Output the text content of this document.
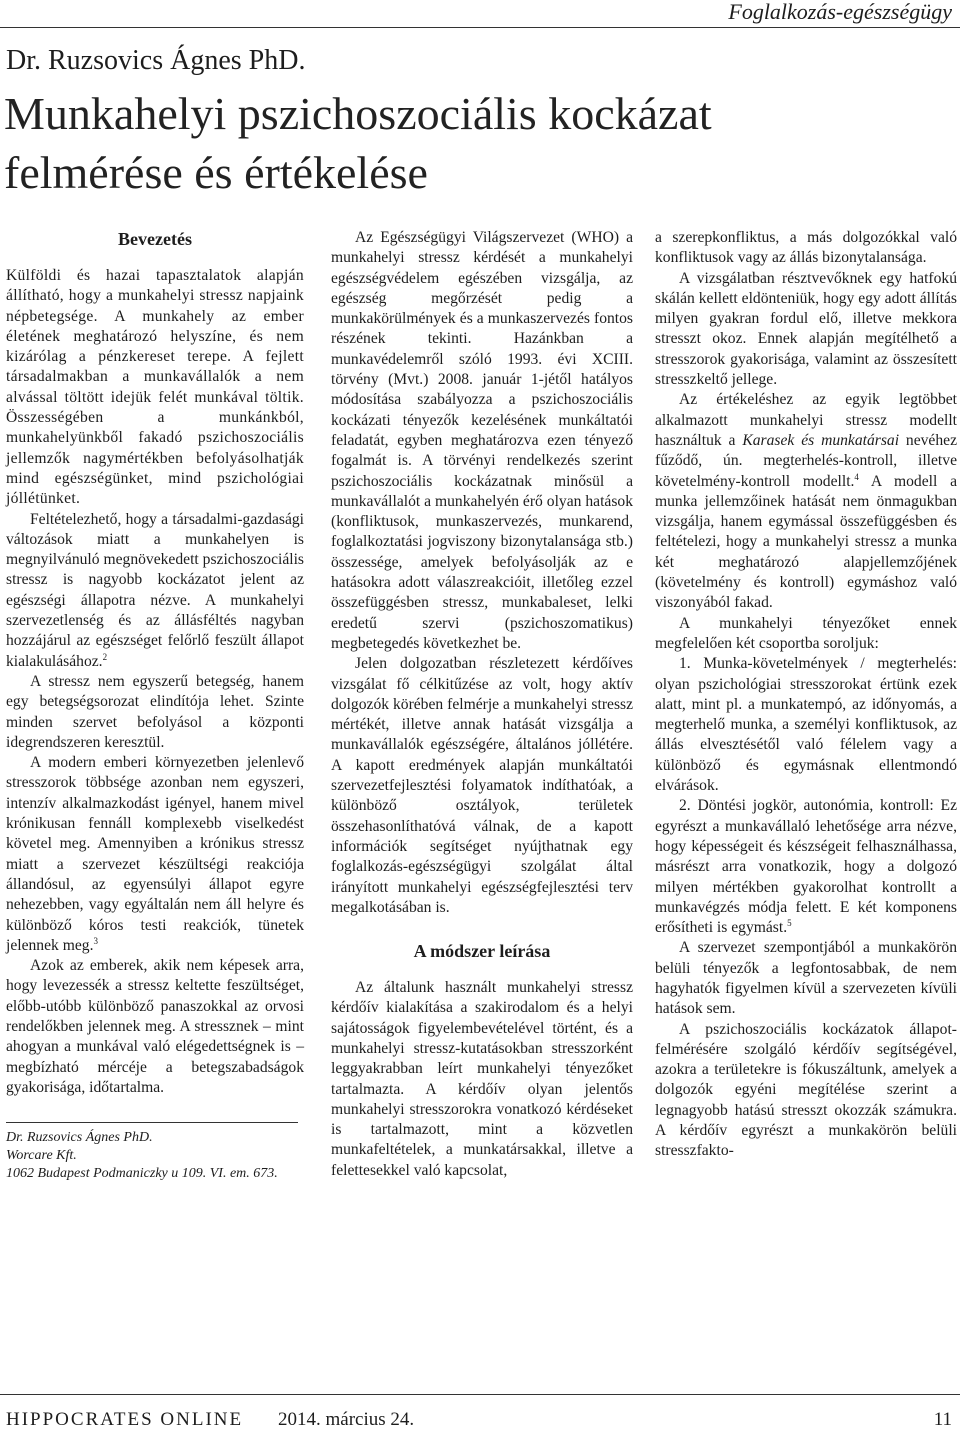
Foglalkozás-egészségügy
Dr. Ruzsovics Ágnes PhD.
Munkahelyi pszichoszociális kockázat
felmérése és értékelése
Bevezetés

Külföldi és hazai tapasztalatok alapján állítható, hogy a munkahelyi stressz napjaink népbetegsége. A munkahely az ember életének meghatározó helyszíne, és nem kizárólag a pénzkereset terepe. A fejlett társadalmakban a munkavállalók a nem alvással töltött idejük felét munkával töltik. Összességében a munkánkból, munkahelyünkből fakadó pszichoszociális jellemzők nagymértékben befolyásolhatják mind egészségünket, mind pszichológiai jóllétünket.

Feltételezhető, hogy a társadalmi-gazdasági változások miatt a munkahelyen is megnyilvánuló megnövekedett pszichoszociális stressz is nagyobb kockázatot jelent az egészségi állapotra nézve. A munkahelyi szervezetlenség és az állásféltés nagyban hozzájárul az egészséget felőrlő feszült állapot kialakulásához.$^2$

A stressz nem egyszerű betegség, hanem egy betegségsorozat elindítója lehet. Szinte minden szervet befolyásol a központi idegrendszeren keresztül.

A modern emberi környezetben jelenlevő stresszorok többsége azonban nem egyszeri, intenzív alkalmazkodást igényel, hanem mivel krónikusan fennáll komplexebb viselkedést követel meg. Amennyiben a krónikus stressz miatt a szervezet készültségi reakciója állandósul, az egyensúlyi állapot egyre nehezebben, vagy egyáltalán nem áll helyre és különböző kóros testi reakciók, tünetek jelennek meg.$^3$

Azok az emberek, akik nem képesek arra, hogy levezessék a stressz keltette feszültséget, előbb-utóbb különböző panaszokkal az orvosi rendelőkben jelennek meg. A stressznek – mint ahogyan a munkával való elégedettségnek is – megbízható mércéje a betegszabadságok gyakorisága, időtartalma.

Dr. Ruzsovics Ágnes PhD.

Worcare Kft.

1062 Budapest Podmaniczky u 109. VI. em. 673.

Az Egészségügyi Világszervezet (WHO) a munkahelyi stressz kérdését a munkahelyi egészségvédelem egészében vizsgálja, az egészség megőrzését pedig a munkakörülmények és a munkaszervezés fontos részének tekinti. Hazánkban a munkavédelemről szóló 1993. évi XCIII. törvény (Mvt.) 2008. január 1-jétől hatályos módosítása szabályozza a pszichoszociális kockázati tényezők kezelésének munkáltatói feladatát, egyben meghatározva ezen tényező fogalmát is. A törvényi rendelkezés szerint pszichoszociális kockázatnak minősül a munkavállalót a munkahelyén érő olyan hatások (konfliktusok, munkaszervezés, munkarend, foglalkoztatási jogviszony bizonytalansága stb.) összessége, amelyek befolyásolják az e hatásokra adott válaszreakcióit, illetőleg ezzel összefüggésben stressz, munkabaleset, lelki eredetű szervi (pszichoszomatikus) megbetegedés következhet be.

Jelen dolgozatban részletezett kérdőíves vizsgálat fő célkitűzése az volt, hogy aktív dolgozók körében felmérje a munkahelyi stressz mértékét, illetve annak hatását vizsgálja a munkavállalók egészségére, általános jóllétére. A kapott eredmények alapján munkáltatói szervezetfejlesztési folyamatok indíthatóak, a különböző osztályok, területek összehasonlíthatóvá válnak, de a kapott információk segítséget nyújthatnak egy foglalkozás-egészségügyi szolgálat által irányított munkahelyi egészségfejlesztési terv megalkotásában is.

A módszer leírása

Az általunk használt munkahelyi stressz kérdőív kialakítása a szakirodalom és a helyi sajátosságok figyelembevételével történt, és a munkahelyi stressz-kutatásokban stresszorként leggyakrabban leírt munkahelyi tényezőket tartalmazta. A kérdőív olyan jelentős munkahelyi stresszorokra vonatkozó kérdéseket is tartalmazott, mint a közvetlen munkafeltételek, a munkatársakkal, illetve a felettesekkel való kapcsolat,

a szerepkonfliktus, a más dolgozókkal való konfliktusok vagy az állás bizonytalansága.

A vizsgálatban résztvevőknek egy hatfokú skálán kellett eldönteniük, hogy egy adott állítás milyen gyakran fordul elő, illetve mekkora stresszt okoz. Ennek alapján megítélhető a stresszorok gyakorisága, valamint az összesített stresszkeltő jellege.

Az értékeléshez az egyik legtöbbet alkalmazott munkahelyi stressz modellt használtuk a Karasek és munkatársai nevéhez fűződő, ún. megterhelés-kontroll, illetve követelmény-kontroll modellt.$^4$ A modell a munka jellemzőinek hatását nem önmagukban vizsgálja, hanem egymással összefüggésben és feltételezi, hogy a munkahelyi stressz a munka két meghatározó alapjellemzőjének (követelmény és kontroll) egymáshoz való viszonyából fakad.

A munkahelyi tényezőket ennek megfelelően két csoportba soroljuk:

1. Munka-követelmények / megterhelés: olyan pszichológiai stresszorokat értünk ezek alatt, mint pl. a munkatempó, az időnyomás, a megterhelő munka, a személyi konfliktusok, az állás elvesztésétől való félelem vagy a különböző és egymásnak ellentmondó elvárások.

2. Döntési jogkör, autonómia, kontroll: Ez egyrészt a munkavállaló lehetősége arra nézve, hogy képességeit és készségeit felhasználhassa, másrészt arra vonatkozik, hogy a dolgozó milyen mértékben gyakorolhat kontrollt a munkavégzés módja felett. E két komponens erősítheti is egymást.$^5$

A szervezet szempontjából a munkakörön belüli tényezők a legfontosabbak, de nem hagyhatók figyelmen kívül a szervezeten kívüli hatások sem.

A pszichoszociális kockázatok állapot-felmérésére szolgáló kérdőív segítségével, azokra a területekre is fókuszáltunk, amelyek a dolgozók egyéni megítélése szerint a legnagyobb hatású stresszt okozzák számukra. A kérdőív egyrészt a munkakörön belüli stresszfakto-

HIPPOCRATES ONLINE 2014. március 24.	11
